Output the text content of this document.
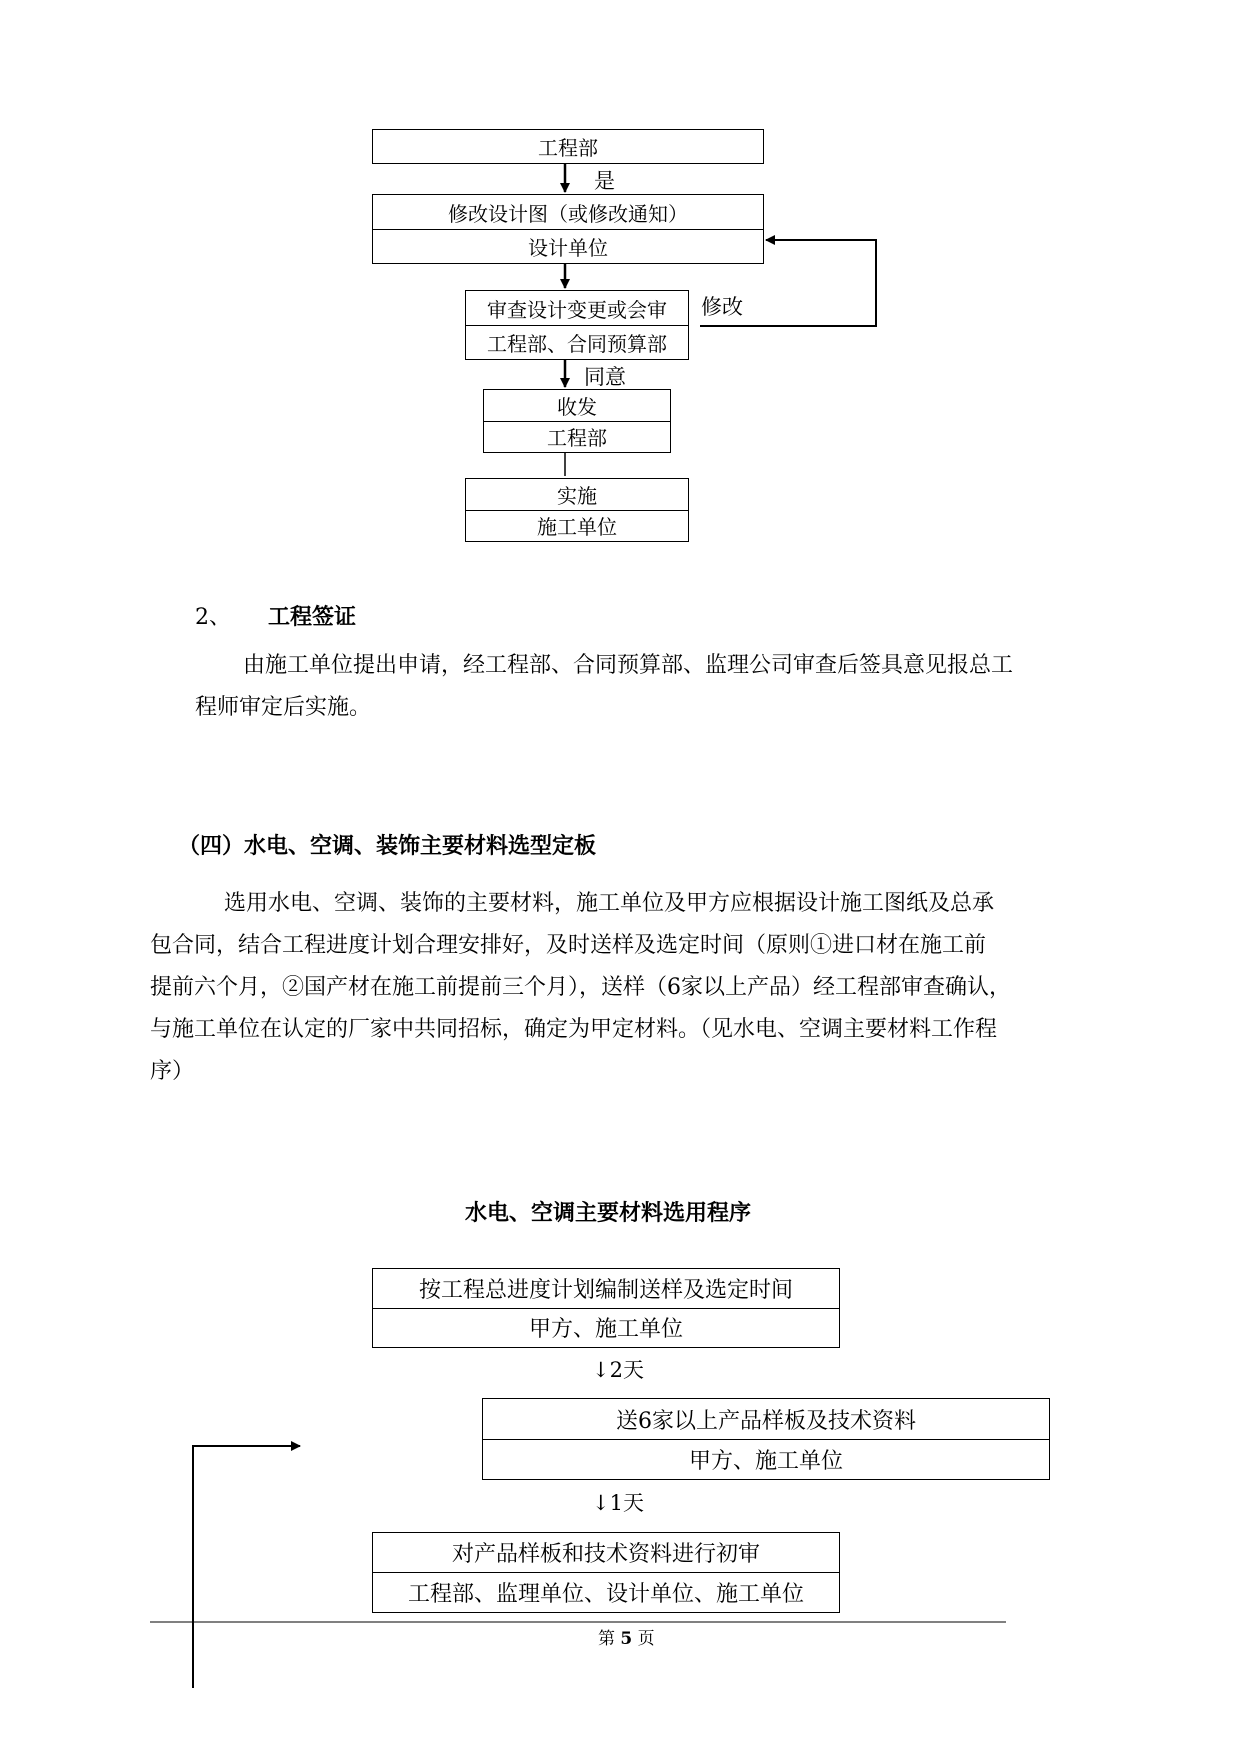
工程部
是
修改设计图（或修改通知）
设计单位
审查设计变更或会审
工程部、合同预算部
修改
同意
收发
工程部
实施
施工单位
2、 工程签证
由施工单位提出申请，经工程部、合同预算部、监理公司审查后签具意见报总工
程师审定后实施。
（四）水电、空调、装饰主要材料选型定板
选用水电、空调、装饰的主要材料，施工单位及甲方应根据设计施工图纸及总承
包合同，结合工程进度计划合理安排好，及时送样及选定时间（原则①进口材在施工前
提前六个月，②国产材在施工前提前三个月），送样（6家以上产品）经工程部审查确认，
与施工单位在认定的厂家中共同招标，确定为甲定材料。（见水电、空调主要材料工作程
序）
水电、空调主要材料选用程序
按工程总进度计划编制送样及选定时间
甲方、施工单位
↓2天
送6家以上产品样板及技术资料
甲方、施工单位
↓1天
对产品样板和技术资料进行初审
工程部、监理单位、设计单位、施工单位
第 5 页
